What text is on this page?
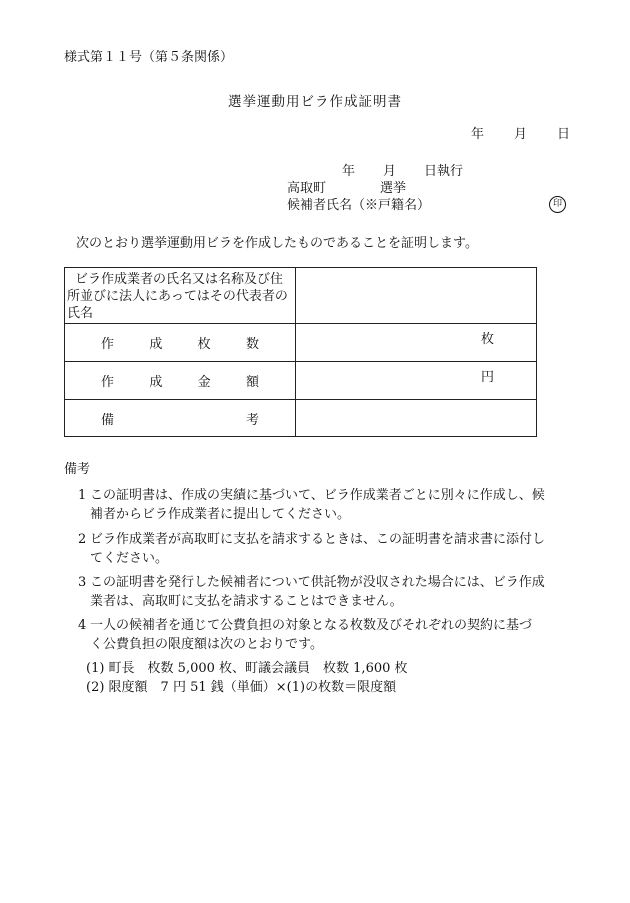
様式第１１号（第５条関係）
選挙運動用ビラ作成証明書
年 月 日
年 月 日執行
高取町	選挙
候補者氏名（※戸籍名）	印
次のとおり選挙運動用ビラを作成したものであることを証明します。
ビラ作成業者の氏名又は名称及び住所並びに法人にあってはその代表者の氏名	

作 成 枚 数	枚

作 成 金 額	円

備 考	

備考
1 この証明書は、作成の実績に基づいて、ビラ作成業者ごとに別々に作成し、候
補者からビラ作成業者に提出してください。
2 ビラ作成業者が高取町に支払を請求するときは、この証明書を請求書に添付し
てください。
3 この証明書を発行した候補者について供託物が没収された場合には、ビラ作成
業者は、高取町に支払を請求することはできません。
4 一人の候補者を通じて公費負担の対象となる枚数及びそれぞれの契約に基づ
く公費負担の限度額は次のとおりです。
(1) 町長　枚数 5,000 枚、町議会議員　枚数 1,600 枚
(2) 限度額　7 円 51 銭（単価）×(1)の枚数＝限度額
